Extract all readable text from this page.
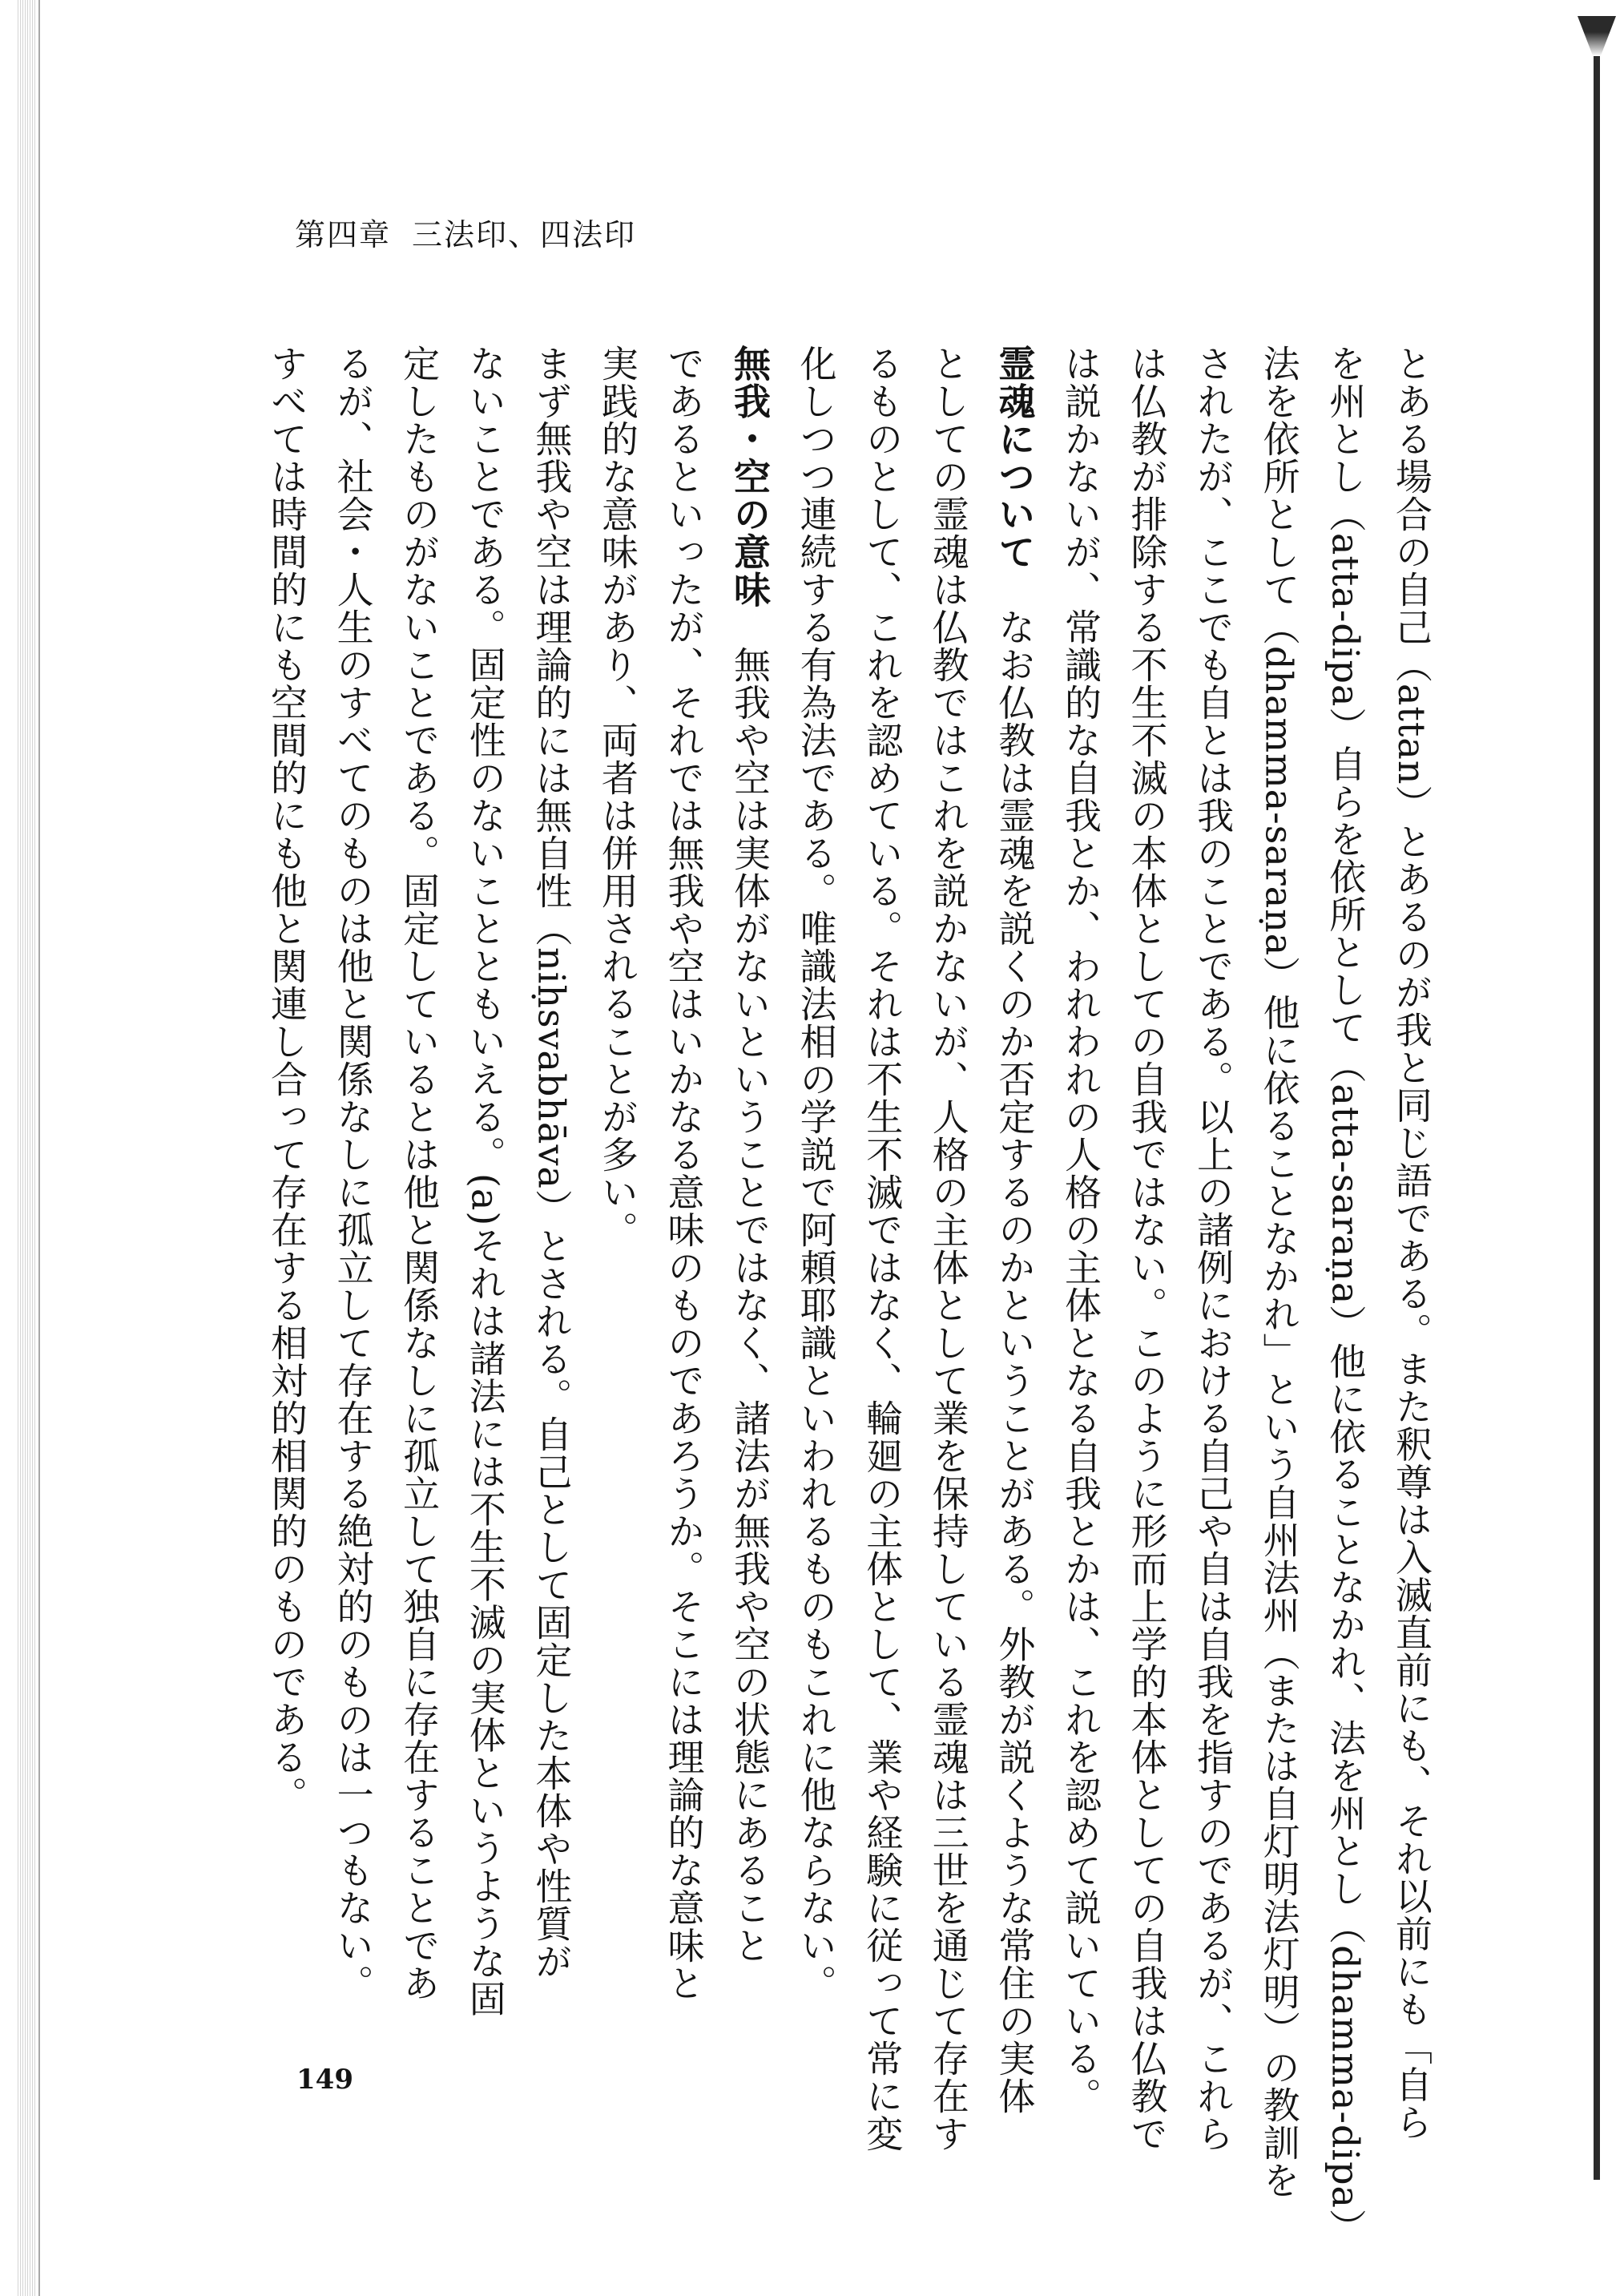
第四章 三法印、四法印
とある場合の自己（attan）とあるのが我と同じ語である。また釈尊は入滅直前にも、それ以前にも「自ら
を州とし（atta-dipa）自らを依所として（atta-saraṇa）他に依ることなかれ、法を州とし（dhamma-dipa）
法を依所として（dhamma-saraṇa）他に依ることなかれ」という自州法州（または自灯明法灯明）の教訓を
されたが、ここでも自とは我のことである。以上の諸例における自己や自は自我を指すのであるが、これら
は仏教が排除する不生不滅の本体としての自我ではない。このように形而上学的本体としての自我は仏教で
は説かないが、常識的な自我とか、われわれの人格の主体となる自我とかは、これを認めて説いている。
霊魂について　なお仏教は霊魂を説くのか否定するのかということがある。外教が説くような常住の実体
としての霊魂は仏教ではこれを説かないが、人格の主体として業を保持している霊魂は三世を通じて存在す
るものとして、これを認めている。それは不生不滅ではなく、輪廻の主体として、業や経験に従って常に変
化しつつ連続する有為法である。唯識法相の学説で阿頼耶識といわれるものもこれに他ならない。
無我・空の意味　無我や空は実体がないということではなく、諸法が無我や空の状態にあること
であるといったが、それでは無我や空はいかなる意味のものであろうか。そこには理論的な意味と
実践的な意味があり、両者は併用されることが多い。
まず無我や空は理論的には無自性（niḥsvabhāva）とされる。自己として固定した本体や性質が
ないことである。固定性のないことともいえる。(a)それは諸法には不生不滅の実体というような固
定したものがないことである。固定しているとは他と関係なしに孤立して独自に存在することであ
るが、社会・人生のすべてのものは他と関係なしに孤立して存在する絶対的のものは一つもない。
すべては時間的にも空間的にも他と関連し合って存在する相対的相関的のものである。
149
